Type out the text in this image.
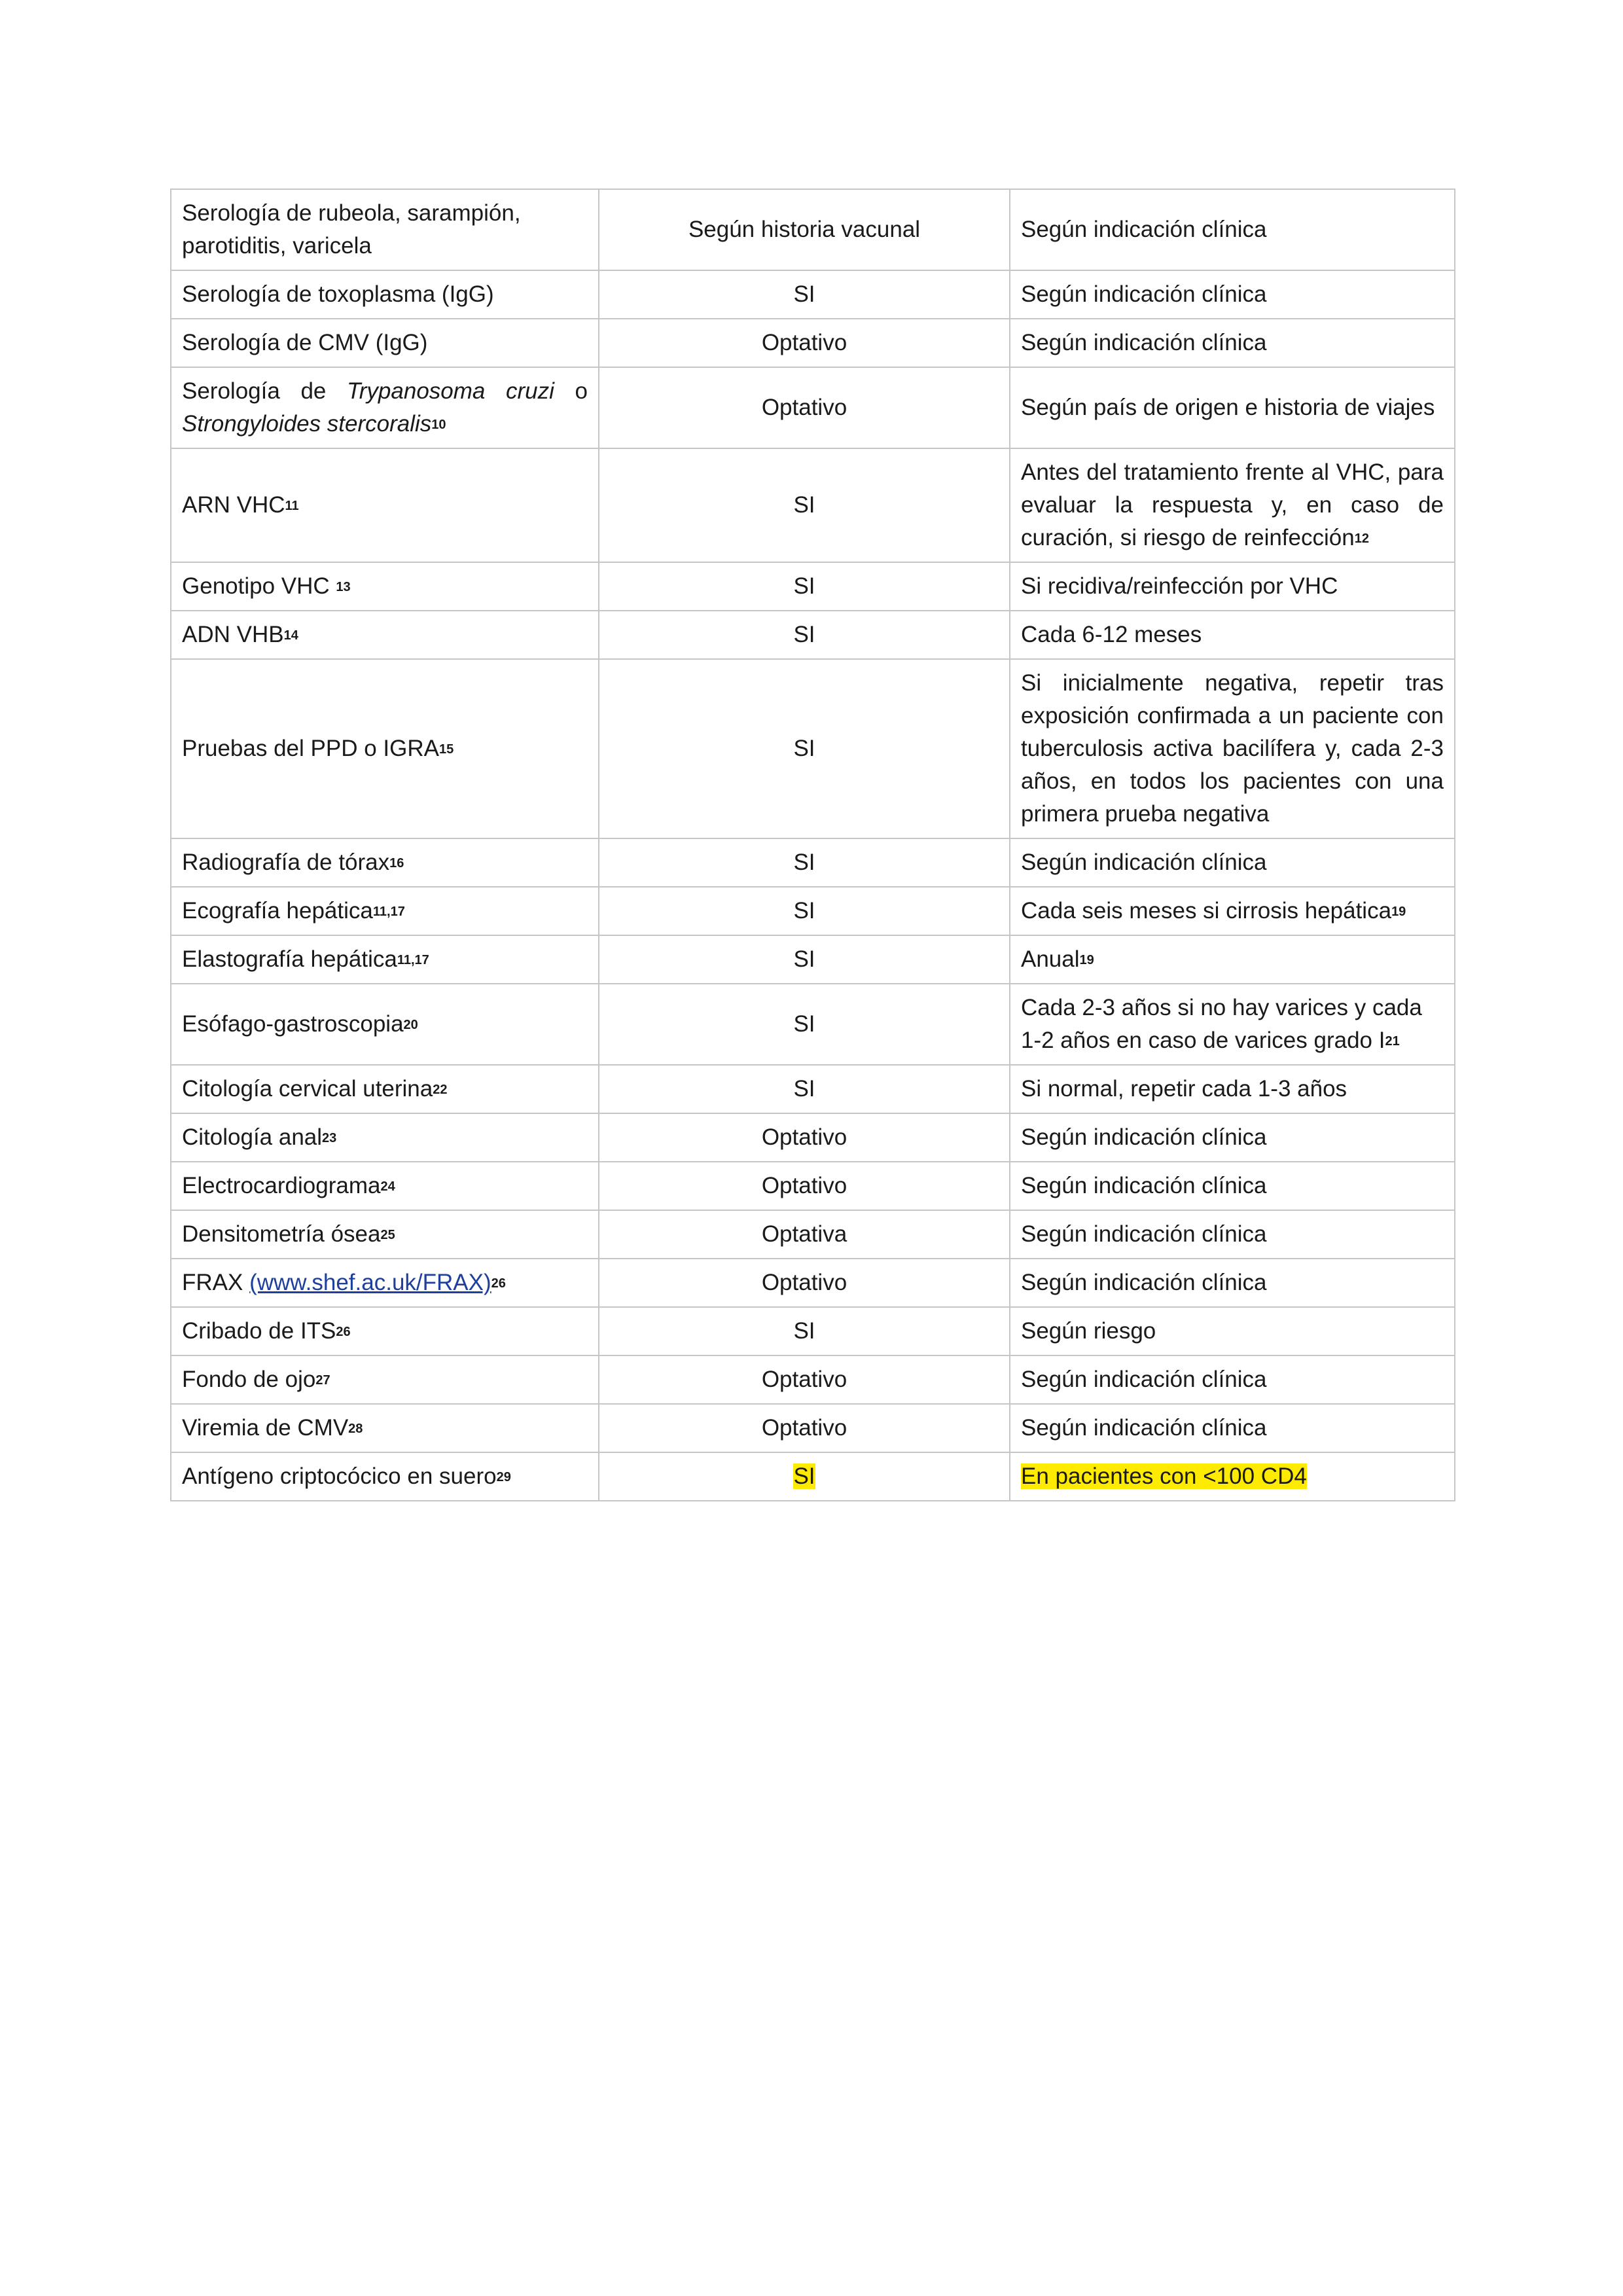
Serología de rubeola, sarampión, parotiditis, varicela	Según historia vacunal	Según indicación clínica
Serología de toxoplasma (IgG)	SI	Según indicación clínica
Serología de CMV (IgG)	Optativo	Según indicación clínica
Serología de Trypanosoma cruzi o Strongyloides stercoralis$^{10}$	Optativo	Según país de origen e historia de viajes
ARN VHC$^{11}$	SI	Antes del tratamiento frente al VHC, para evaluar la respuesta y, en caso de curación, si riesgo de reinfección$^{12}$
Genotipo VHC $^{13}$	SI	Si recidiva/reinfección por VHC
ADN VHB$^{14}$	SI	Cada 6-12 meses
Pruebas del PPD o IGRA$^{15}$	SI	Si inicialmente negativa, repetir tras exposición confirmada a un paciente con tuberculosis activa bacilífera y, cada 2-3 años, en todos los pacientes con una primera prueba negativa
Radiografía de tórax$^{16}$	SI	Según indicación clínica
Ecografía hepática$^{11,17}$	SI	Cada seis meses si cirrosis hepática$^{19}$
Elastografía hepática$^{11,17}$	SI	Anual$^{19}$
Esófago-gastroscopia$^{20}$	SI	Cada 2-3 años si no hay varices y cada 1-2 años en caso de varices grado $I^{21}$
Citología cervical uterina$^{22}$	SI	Si normal, repetir cada 1-3 años
Citología anal$^{23}$	Optativo	Según indicación clínica
Electrocardiograma$^{24}$	Optativo	Según indicación clínica
Densitometría ósea$^{25}$	Optativa	Según indicación clínica
FRAX (www.shef.ac.uk/FRAX)$^{26}$	Optativo	Según indicación clínica
Cribado de ITS$^{26}$	SI	Según riesgo
Fondo de ojo$^{27}$	Optativo	Según indicación clínica
Viremia de CMV$^{28}$	Optativo	Según indicación clínica
Antígeno criptocócico en suero$^{29}$	SI	En pacientes con <100 CD4
